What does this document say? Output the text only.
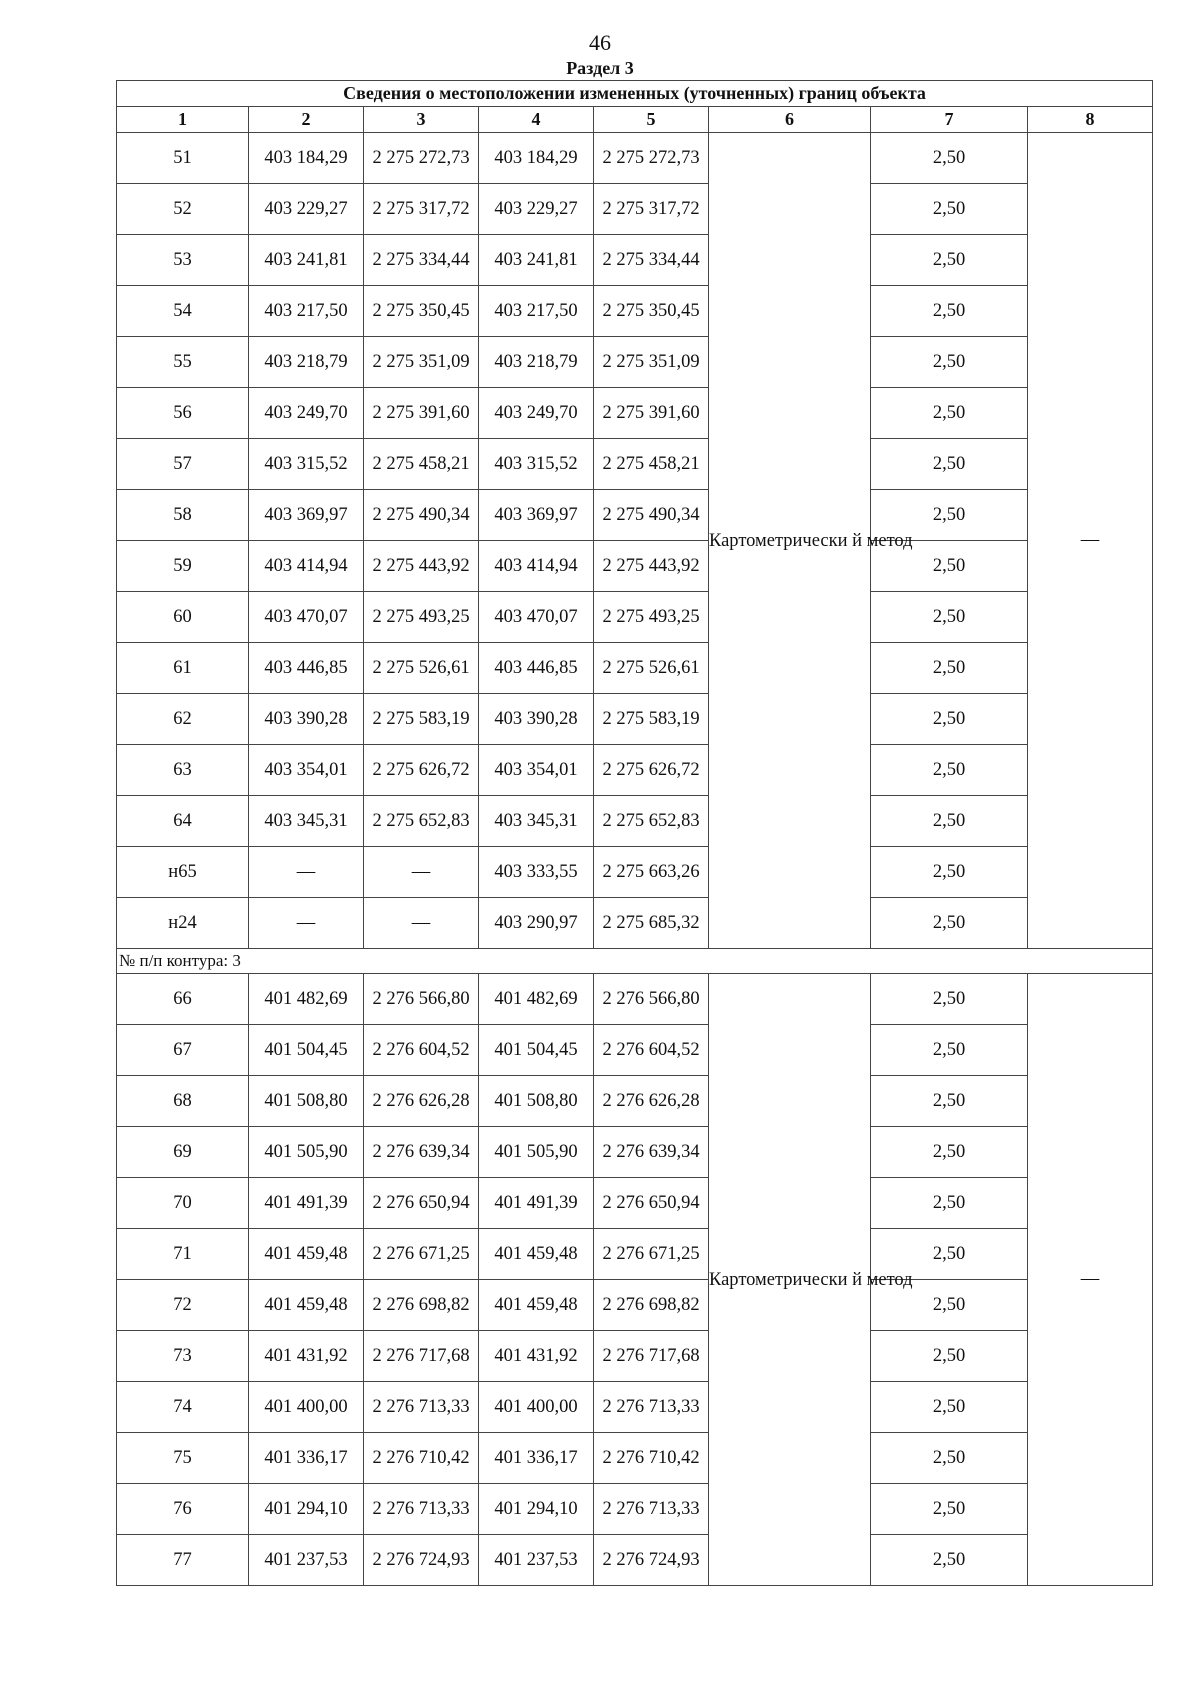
46
Раздел 3
Сведения о местоположении измененных (уточненных) границ объекта							
1	2	3	4	5	6	7	8
51	403 184,29	2 275 272,73	403 184,29	2 275 272,73	Картометрически й метод	2,50	—
52	403 229,27	2 275 317,72	403 229,27	2 275 317,72		2,50	
53	403 241,81	2 275 334,44	403 241,81	2 275 334,44		2,50	
54	403 217,50	2 275 350,45	403 217,50	2 275 350,45		2,50	
55	403 218,79	2 275 351,09	403 218,79	2 275 351,09		2,50	
56	403 249,70	2 275 391,60	403 249,70	2 275 391,60		2,50	
57	403 315,52	2 275 458,21	403 315,52	2 275 458,21		2,50	
58	403 369,97	2 275 490,34	403 369,97	2 275 490,34		2,50	
59	403 414,94	2 275 443,92	403 414,94	2 275 443,92		2,50	
60	403 470,07	2 275 493,25	403 470,07	2 275 493,25		2,50	
61	403 446,85	2 275 526,61	403 446,85	2 275 526,61		2,50	
62	403 390,28	2 275 583,19	403 390,28	2 275 583,19		2,50	
63	403 354,01	2 275 626,72	403 354,01	2 275 626,72		2,50	
64	403 345,31	2 275 652,83	403 345,31	2 275 652,83		2,50	
н65	—	—	403 333,55	2 275 663,26		2,50	
н24	—	—	403 290,97	2 275 685,32		2,50	
№ п/п контура: 3							
66	401 482,69	2 276 566,80	401 482,69	2 276 566,80	Картометрически й метод	2,50	—
67	401 504,45	2 276 604,52	401 504,45	2 276 604,52		2,50	
68	401 508,80	2 276 626,28	401 508,80	2 276 626,28		2,50	
69	401 505,90	2 276 639,34	401 505,90	2 276 639,34		2,50	
70	401 491,39	2 276 650,94	401 491,39	2 276 650,94		2,50	
71	401 459,48	2 276 671,25	401 459,48	2 276 671,25		2,50	
72	401 459,48	2 276 698,82	401 459,48	2 276 698,82		2,50	
73	401 431,92	2 276 717,68	401 431,92	2 276 717,68		2,50	
74	401 400,00	2 276 713,33	401 400,00	2 276 713,33		2,50	
75	401 336,17	2 276 710,42	401 336,17	2 276 710,42		2,50	
76	401 294,10	2 276 713,33	401 294,10	2 276 713,33		2,50	
77	401 237,53	2 276 724,93	401 237,53	2 276 724,93		2,50	
